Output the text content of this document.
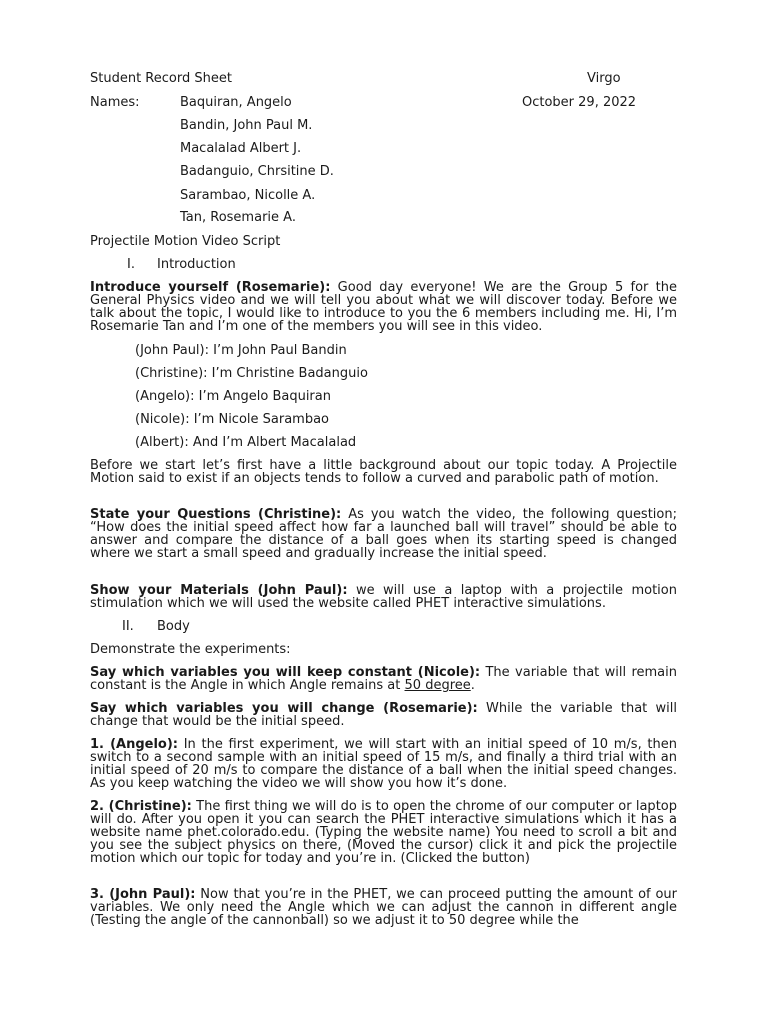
Student Record Sheet	Virgo
Names:	Baquiran, Angelo	October 29, 2022
Bandin, John Paul M.
Macalalad Albert J.
Badanguio, Chrsitine D.
Sarambao, Nicolle A.
Tan, Rosemarie A.
Projectile Motion Video Script
I. Introduction
Introduce yourself (Rosemarie): Good day everyone! We are the Group 5 for the General Physics video and we will tell you about what we will discover today. Before we talk about the topic, I would like to introduce to you the 6 members including me. Hi, I’m Rosemarie Tan and I’m one of the members you will see in this video.
(John Paul): I’m John Paul Bandin
(Christine): I’m Christine Badanguio
(Angelo): I’m Angelo Baquiran
(Nicole): I’m Nicole Sarambao
(Albert): And I’m Albert Macalalad
Before we start let’s first have a little background about our topic today. A Projectile Motion said to exist if an objects tends to follow a curved and parabolic path of motion.
State your Questions (Christine): As you watch the video, the following question; “How does the initial speed affect how far a launched ball will travel” should be able to answer and compare the distance of a ball goes when its starting speed is changed where we start a small speed and gradually increase the initial speed.
Show your Materials (John Paul): we will use a laptop with a projectile motion stimulation which we will used the website called PHET interactive simulations.
II. Body
Demonstrate the experiments:
Say which variables you will keep constant (Nicole): The variable that will remain constant is the Angle in which Angle remains at 50 degree.
Say which variables you will change (Rosemarie): While the variable that will change that would be the initial speed.
1. (Angelo): In the first experiment, we will start with an initial speed of 10 m/s, then switch to a second sample with an initial speed of 15 m/s, and finally a third trial with an initial speed of 20 m/s to compare the distance of a ball when the initial speed changes. As you keep watching the video we will show you how it’s done.
2. (Christine): The first thing we will do is to open the chrome of our computer or laptop will do. After you open it you can search the PHET interactive simulations which it has a website name phet.colorado.edu. (Typing the website name) You need to scroll a bit and you see the subject physics on there, (Moved the cursor) click it and pick the projectile motion which our topic for today and you’re in. (Clicked the button)
3. (John Paul): Now that you’re in the PHET, we can proceed putting the amount of our variables. We only need the Angle which we can adjust the cannon in different angle (Testing the angle of the cannonball) so we adjust it to 50 degree while the
